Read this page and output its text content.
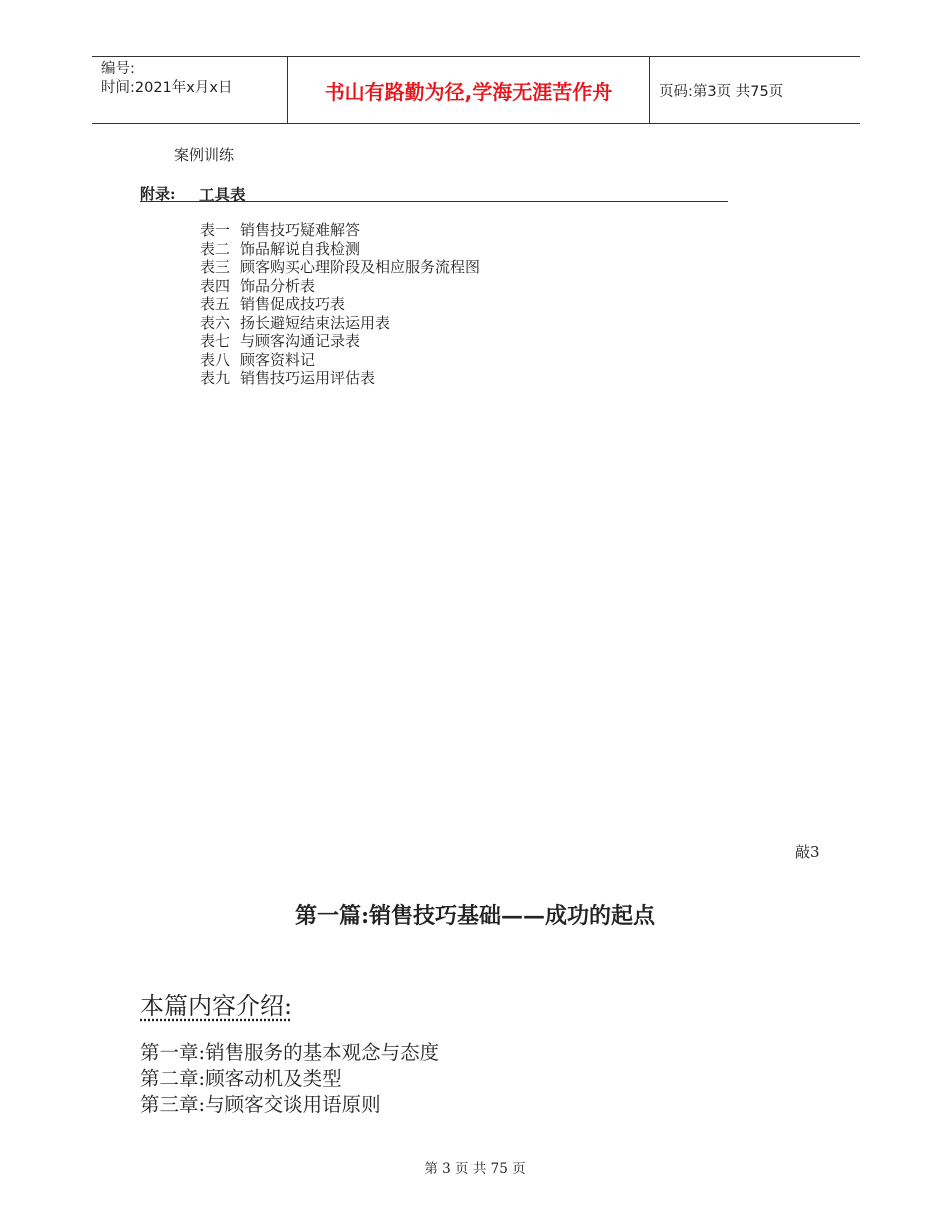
编号:
时间:2021年x月x日	书山有路勤为径,学海无涯苦作舟	页码:第3页 共75页
案例训练
附录: 工具表
表一 销售技巧疑难解答
表二 饰品解说自我检测
表三 顾客购买心理阶段及相应服务流程图
表四 饰品分析表
表五 销售促成技巧表
表六 扬长避短结束法运用表
表七 与顾客沟通记录表
表八 顾客资料记
表九 销售技巧运用评估表
敲3
第一篇:销售技巧基础——成功的起点
本篇内容介绍:
第一章:销售服务的基本观念与态度
第二章:顾客动机及类型
第三章:与顾客交谈用语原则
第 3 页 共 75 页
